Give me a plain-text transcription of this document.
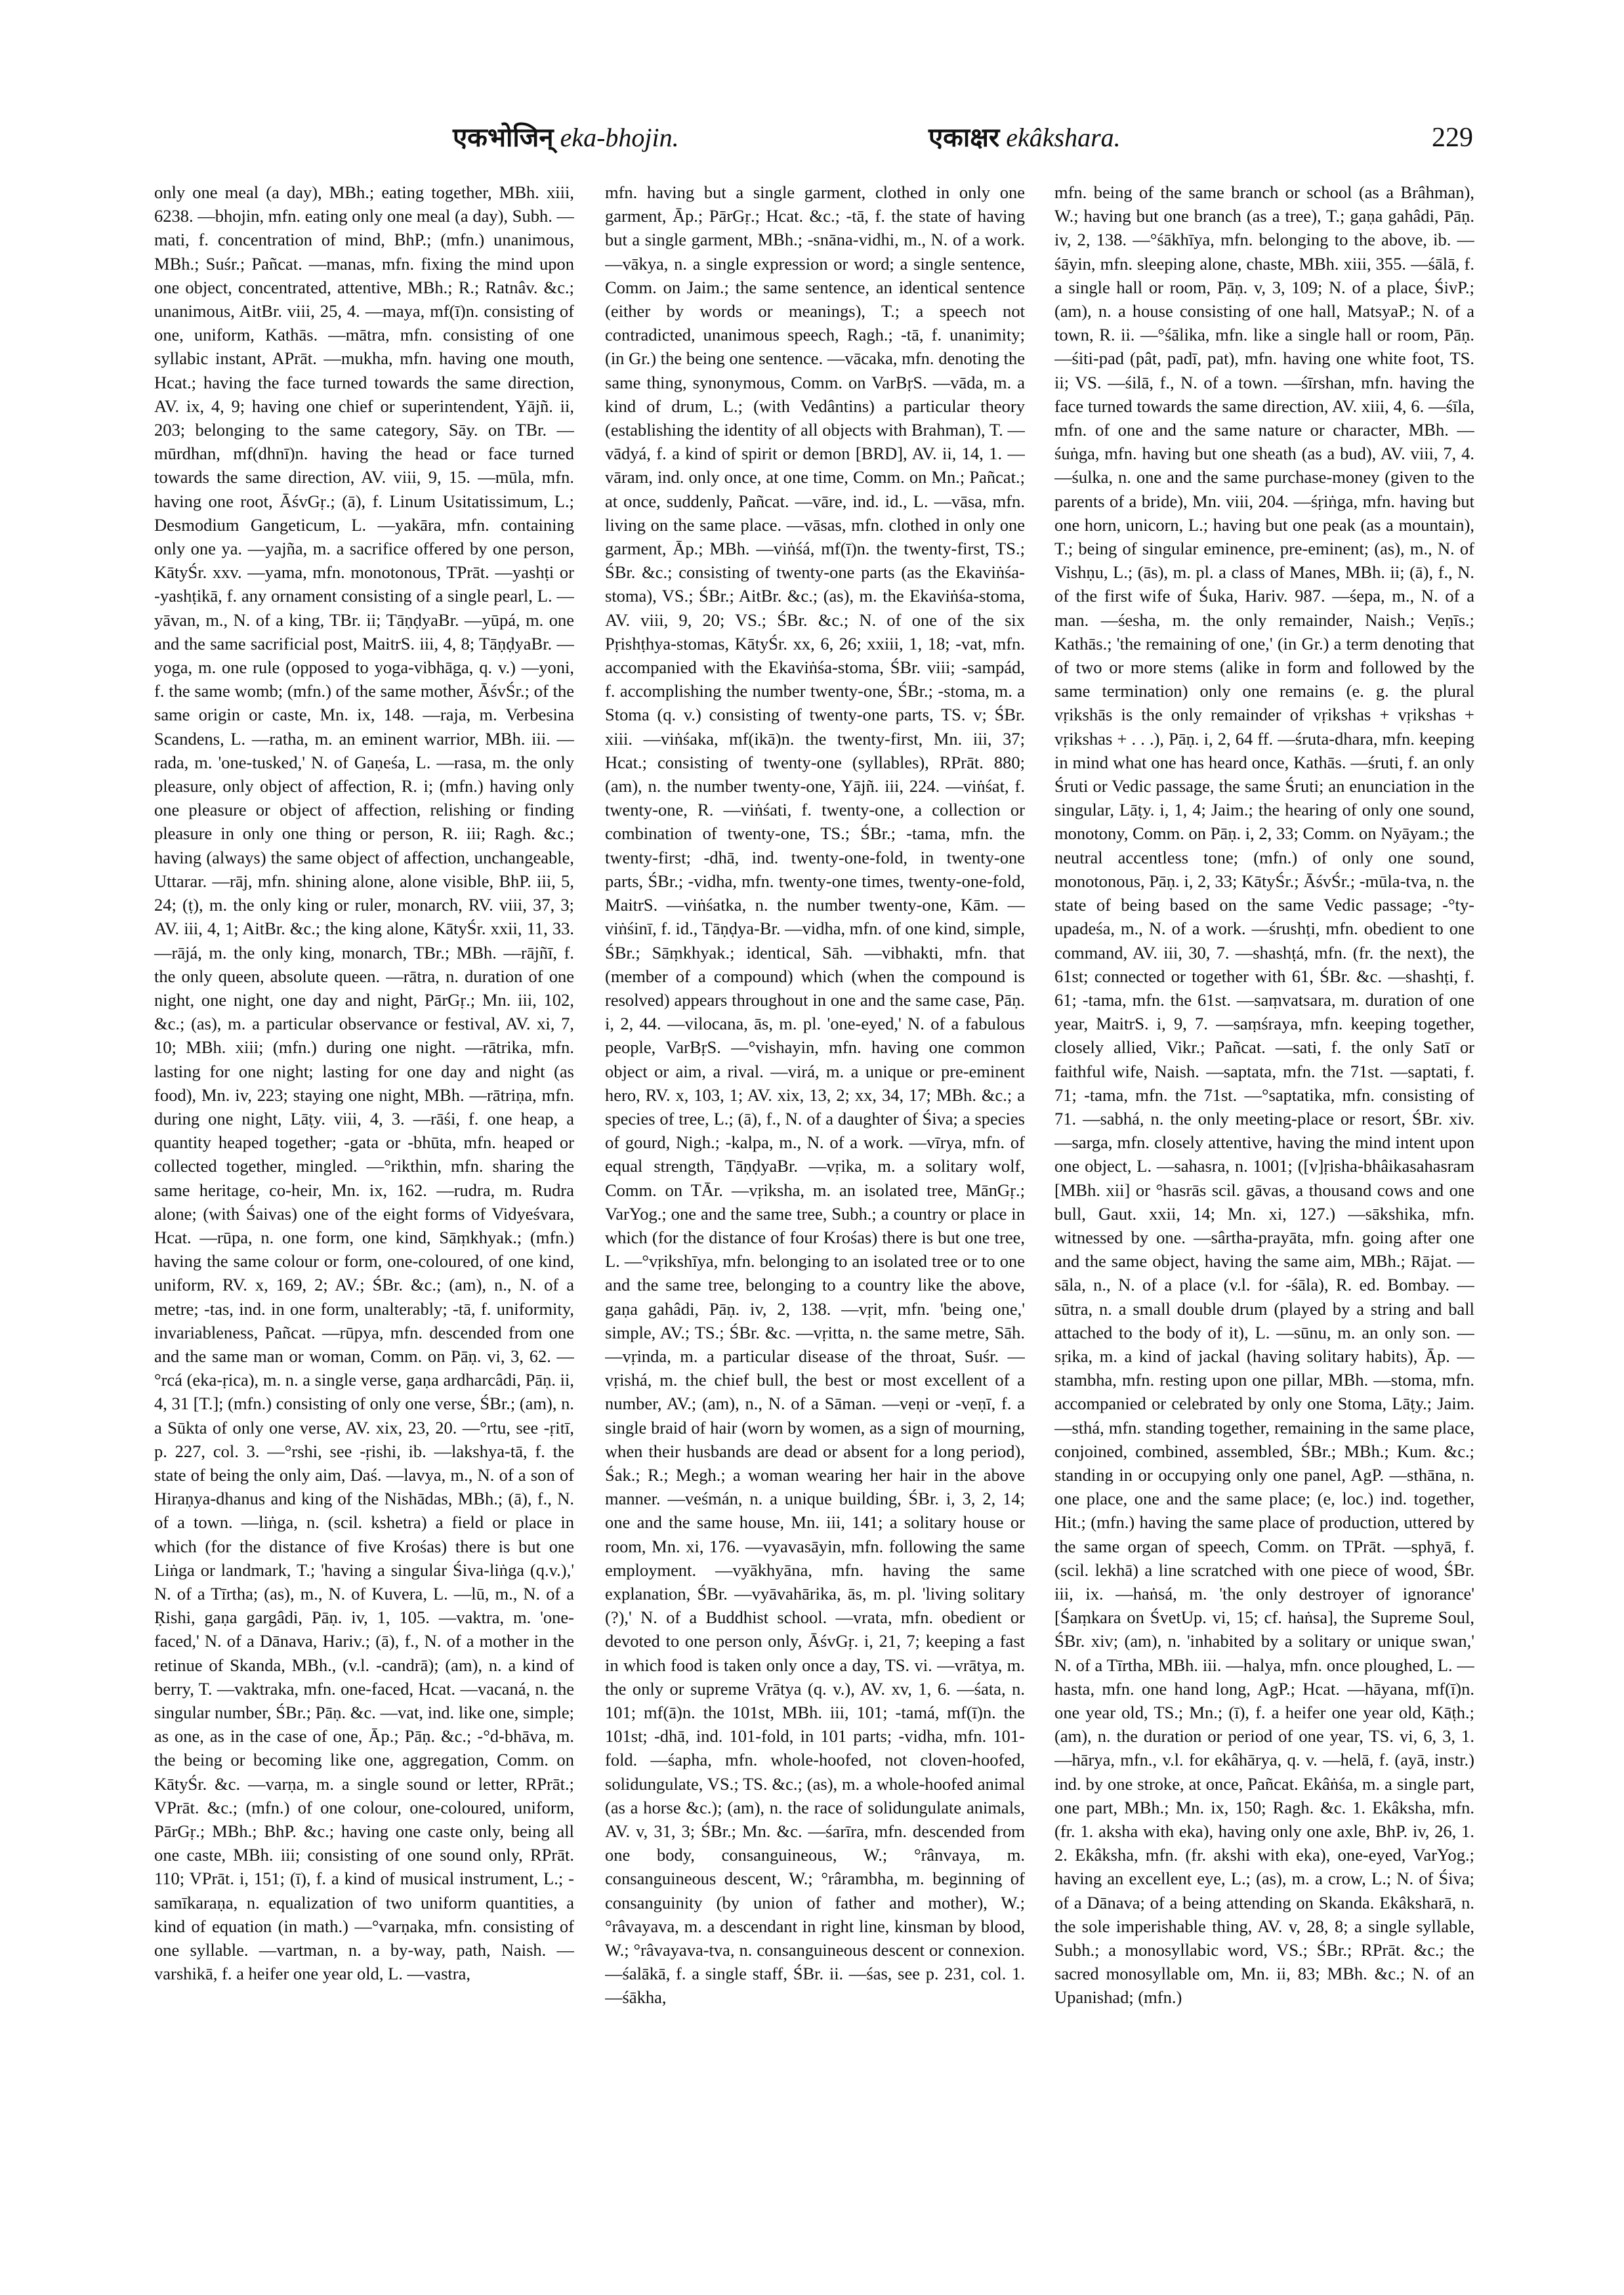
एकभोजिन् eka-bhojin.	एकाक्षर ekâkshara.	229

only one meal (a day), MBh.; eating together, MBh. xiii, 6238. —bhojin, mfn. eating only one meal (a day), Subh. —mati, f. concentration of mind, BhP.; (mfn.) unanimous, MBh.; Suśr.; Pañcat. —manas, mfn. fixing the mind upon one object, concentrated, attentive, MBh.; R.; Ratnâv. &c.; unanimous, AitBr. viii, 25, 4. —maya, mf(ī)n. consisting of one, uniform, Kathās. —mātra, mfn. consisting of one syllabic instant, APrāt. —mukha, mfn. having one mouth, Hcat.; having the face turned towards the same direction, AV. ix, 4, 9; having one chief or superintendent, Yājñ. ii, 203; belonging to the same category, Sāy. on TBr. —mūrdhan, mf(dhnī)n. having the head or face turned towards the same direction, AV. viii, 9, 15. —mūla, mfn. having one root, ĀśvGṛ.; (ā), f. Linum Usitatissimum, L.; Desmodium Gangeticum, L. —yakāra, mfn. containing only one ya. —yajña, m. a sacrifice offered by one person, KātyŚr. xxv. —yama, mfn. monotonous, TPrāt. —yashṭi or -yashṭikā, f. any ornament consisting of a single pearl, L. —yāvan, m., N. of a king, TBr. ii; TāṇḍyaBr. —yūpá, m. one and the same sacrificial post, MaitrS. iii, 4, 8; TāṇḍyaBr. —yoga, m. one rule (opposed to yoga-vibhāga, q. v.) —yoni, f. the same womb; (mfn.) of the same mother, ĀśvŚr.; of the same origin or caste, Mn. ix, 148. —raja, m. Verbesina Scandens, L. —ratha, m. an eminent warrior, MBh. iii. —rada, m. 'one-tusked,' N. of Gaṇeśa, L. —rasa, m. the only pleasure, only object of affection, R. i; (mfn.) having only one pleasure or object of affection, relishing or finding pleasure in only one thing or person, R. iii; Ragh. &c.; having (always) the same object of affection, unchangeable, Uttarar. —rāj, mfn. shining alone, alone visible, BhP. iii, 5, 24; (ṭ), m. the only king or ruler, monarch, RV. viii, 37, 3; AV. iii, 4, 1; AitBr. &c.; the king alone, KātyŚr. xxii, 11, 33. —rājá, m. the only king, monarch, TBr.; MBh. —rājñī, f. the only queen, absolute queen. —rātra, n. duration of one night, one night, one day and night, PārGṛ.; Mn. iii, 102, &c.; (as), m. a particular observance or festival, AV. xi, 7, 10; MBh. xiii; (mfn.) during one night. —rātrika, mfn. lasting for one night; lasting for one day and night (as food), Mn. iv, 223; staying one night, MBh. —rātriṇa, mfn. during one night, Lāṭy. viii, 4, 3. —rāśi, f. one heap, a quantity heaped together; -gata or -bhūta, mfn. heaped or collected together, mingled. —°rikthin, mfn. sharing the same heritage, co-heir, Mn. ix, 162. —rudra, m. Rudra alone; (with Śaivas) one of the eight forms of Vidyeśvara, Hcat. —rūpa, n. one form, one kind, Sāṃkhyak.; (mfn.) having the same colour or form, one-coloured, of one kind, uniform, RV. x, 169, 2; AV.; ŚBr. &c.; (am), n., N. of a metre; -tas, ind. in one form, unalterably; -tā, f. uniformity, invariableness, Pañcat. —rūpya, mfn. descended from one and the same man or woman, Comm. on Pāṇ. vi, 3, 62. —°rcá (eka-ṛica), m. n. a single verse, gaṇa ardharcâdi, Pāṇ. ii, 4, 31 [T.]; (mfn.) consisting of only one verse, ŚBr.; (am), n. a Sūkta of only one verse, AV. xix, 23, 20. —°rtu, see -ṛitī, p. 227, col. 3. —°rshi, see -ṛishi, ib. —lakshya-tā, f. the state of being the only aim, Daś. —lavya, m., N. of a son of Hiraṇya-dhanus and king of the Nishādas, MBh.; (ā), f., N. of a town. —liṅga, n. (scil. kshetra) a field or place in which (for the distance of five Krośas) there is but one Liṅga or landmark, T.; 'having a singular Śiva-liṅga (q.v.),' N. of a Tīrtha; (as), m., N. of Kuvera, L. —lū, m., N. of a Ṛishi, gaṇa gargâdi, Pāṇ. iv, 1, 105. —vaktra, m. 'one-faced,' N. of a Dānava, Hariv.; (ā), f., N. of a mother in the retinue of Skanda, MBh., (v.l. -candrā); (am), n. a kind of berry, T. —vaktraka, mfn. one-faced, Hcat. —vacaná, n. the singular number, ŚBr.; Pāṇ. &c. —vat, ind. like one, simple; as one, as in the case of one, Āp.; Pāṇ. &c.; -°d-bhāva, m. the being or becoming like one, aggregation, Comm. on KātyŚr. &c. —varṇa, m. a single sound or letter, RPrāt.; VPrāt. &c.; (mfn.) of one colour, one-coloured, uniform, PārGṛ.; MBh.; BhP. &c.; having one caste only, being all one caste, MBh. iii; consisting of one sound only, RPrāt. 110; VPrāt. i, 151; (ī), f. a kind of musical instrument, L.; -samīkaraṇa, n. equalization of two uniform quantities, a kind of equation (in math.) —°varṇaka, mfn. consisting of one syllable. —vartman, n. a by-way, path, Naish. —varshikā, f. a heifer one year old, L. —vastra,

mfn. having but a single garment, clothed in only one garment, Āp.; PārGṛ.; Hcat. &c.; -tā, f. the state of having but a single garment, MBh.; -snāna-vidhi, m., N. of a work. —vākya, n. a single expression or word; a single sentence, Comm. on Jaim.; the same sentence, an identical sentence (either by words or meanings), T.; a speech not contradicted, unanimous speech, Ragh.; -tā, f. unanimity; (in Gr.) the being one sentence. —vācaka, mfn. denoting the same thing, synonymous, Comm. on VarBṛS. —vāda, m. a kind of drum, L.; (with Vedântins) a particular theory (establishing the identity of all objects with Brahman), T. —vādyá, f. a kind of spirit or demon [BRD], AV. ii, 14, 1. —vāram, ind. only once, at one time, Comm. on Mn.; Pañcat.; at once, suddenly, Pañcat. —vāre, ind. id., L. —vāsa, mfn. living on the same place. —vāsas, mfn. clothed in only one garment, Āp.; MBh. —viṅśá, mf(ī)n. the twenty-first, TS.; ŚBr. &c.; consisting of twenty-one parts (as the Ekaviṅśa-stoma), VS.; ŚBr.; AitBr. &c.; (as), m. the Ekaviṅśa-stoma, AV. viii, 9, 20; VS.; ŚBr. &c.; N. of one of the six Pṛishṭhya-stomas, KātyŚr. xx, 6, 26; xxiii, 1, 18; -vat, mfn. accompanied with the Ekaviṅśa-stoma, ŚBr. viii; -sampád, f. accomplishing the number twenty-one, ŚBr.; -stoma, m. a Stoma (q. v.) consisting of twenty-one parts, TS. v; ŚBr. xiii. —viṅśaka, mf(ikā)n. the twenty-first, Mn. iii, 37; Hcat.; consisting of twenty-one (syllables), RPrāt. 880; (am), n. the number twenty-one, Yājñ. iii, 224. —viṅśat, f. twenty-one, R. —viṅśati, f. twenty-one, a collection or combination of twenty-one, TS.; ŚBr.; -tama, mfn. the twenty-first; -dhā, ind. twenty-one-fold, in twenty-one parts, ŚBr.; -vidha, mfn. twenty-one times, twenty-one-fold, MaitrS. —viṅśatka, n. the number twenty-one, Kām. —viṅśinī, f. id., Tāṇḍya-Br. —vidha, mfn. of one kind, simple, ŚBr.; Sāṃkhyak.; identical, Sāh. —vibhakti, mfn. that (member of a compound) which (when the compound is resolved) appears throughout in one and the same case, Pāṇ. i, 2, 44. —vilocana, ās, m. pl. 'one-eyed,' N. of a fabulous people, VarBṛS. —°vishayin, mfn. having one common object or aim, a rival. —virá, m. a unique or pre-eminent hero, RV. x, 103, 1; AV. xix, 13, 2; xx, 34, 17; MBh. &c.; a species of tree, L.; (ā), f., N. of a daughter of Śiva; a species of gourd, Nigh.; -kalpa, m., N. of a work. —vīrya, mfn. of equal strength, TāṇḍyaBr. —vṛika, m. a solitary wolf, Comm. on TĀr. —vṛiksha, m. an isolated tree, MānGṛ.; VarYog.; one and the same tree, Subh.; a country or place in which (for the distance of four Krośas) there is but one tree, L. —°vṛikshīya, mfn. belonging to an isolated tree or to one and the same tree, belonging to a country like the above, gaṇa gahâdi, Pāṇ. iv, 2, 138. —vṛit, mfn. 'being one,' simple, AV.; TS.; ŚBr. &c. —vṛitta, n. the same metre, Sāh. —vṛinda, m. a particular disease of the throat, Suśr. —vṛishá, m. the chief bull, the best or most excellent of a number, AV.; (am), n., N. of a Sāman. —veṇi or -veṇī, f. a single braid of hair (worn by women, as a sign of mourning, when their husbands are dead or absent for a long period), Śak.; R.; Megh.; a woman wearing her hair in the above manner. —veśmán, n. a unique building, ŚBr. i, 3, 2, 14; one and the same house, Mn. iii, 141; a solitary house or room, Mn. xi, 176. —vyavasāyin, mfn. following the same employment. —vyākhyāna, mfn. having the same explanation, ŚBr. —vyāvahārika, ās, m. pl. 'living solitary (?),' N. of a Buddhist school. —vrata, mfn. obedient or devoted to one person only, ĀśvGṛ. i, 21, 7; keeping a fast in which food is taken only once a day, TS. vi. —vrātya, m. the only or supreme Vrātya (q. v.), AV. xv, 1, 6. —śata, n. 101; mf(ā)n. the 101st, MBh. iii, 101; -tamá, mf(ī)n. the 101st; -dhā, ind. 101-fold, in 101 parts; -vidha, mfn. 101-fold. —śapha, mfn. whole-hoofed, not cloven-hoofed, solidungulate, VS.; TS. &c.; (as), m. a whole-hoofed animal (as a horse &c.); (am), n. the race of solidungulate animals, AV. v, 31, 3; ŚBr.; Mn. &c. —śarīra, mfn. descended from one body, consanguineous, W.; °rânvaya, m. consanguineous descent, W.; °rârambha, m. beginning of consanguinity (by union of father and mother), W.; °râvayava, m. a descendant in right line, kinsman by blood, W.; °râvayava-tva, n. consanguineous descent or connexion. —śalākā, f. a single staff, ŚBr. ii. —śas, see p. 231, col. 1. —śākha,

mfn. being of the same branch or school (as a Brâhman), W.; having but one branch (as a tree), T.; gaṇa gahâdi, Pāṇ. iv, 2, 138. —°śākhīya, mfn. belonging to the above, ib. —śāyin, mfn. sleeping alone, chaste, MBh. xiii, 355. —śālā, f. a single hall or room, Pāṇ. v, 3, 109; N. of a place, ŚivP.; (am), n. a house consisting of one hall, MatsyaP.; N. of a town, R. ii. —°śālika, mfn. like a single hall or room, Pāṇ. —śiti-pad (pât, padī, pat), mfn. having one white foot, TS. ii; VS. —śilā, f., N. of a town. —śīrshan, mfn. having the face turned towards the same direction, AV. xiii, 4, 6. —śīla, mfn. of one and the same nature or character, MBh. —śuṅga, mfn. having but one sheath (as a bud), AV. viii, 7, 4. —śulka, n. one and the same purchase-money (given to the parents of a bride), Mn. viii, 204. —śṛiṅga, mfn. having but one horn, unicorn, L.; having but one peak (as a mountain), T.; being of singular eminence, pre-eminent; (as), m., N. of Vishṇu, L.; (ās), m. pl. a class of Manes, MBh. ii; (ā), f., N. of the first wife of Śuka, Hariv. 987. —śepa, m., N. of a man. —śesha, m. the only remainder, Naish.; Veṇīs.; Kathās.; 'the remaining of one,' (in Gr.) a term denoting that of two or more stems (alike in form and followed by the same termination) only one remains (e. g. the plural vṛikshās is the only remainder of vṛikshas + vṛikshas + vṛikshas + . . .), Pāṇ. i, 2, 64 ff. —śruta-dhara, mfn. keeping in mind what one has heard once, Kathās. —śruti, f. an only Śruti or Vedic passage, the same Śruti; an enunciation in the singular, Lāṭy. i, 1, 4; Jaim.; the hearing of only one sound, monotony, Comm. on Pāṇ. i, 2, 33; Comm. on Nyāyam.; the neutral accentless tone; (mfn.) of only one sound, monotonous, Pāṇ. i, 2, 33; KātyŚr.; ĀśvŚr.; -mūla-tva, n. the state of being based on the same Vedic passage; -°ty-upadeśa, m., N. of a work. —śrushṭi, mfn. obedient to one command, AV. iii, 30, 7. —shashṭá, mfn. (fr. the next), the 61st; connected or together with 61, ŚBr. &c. —shashṭi, f. 61; -tama, mfn. the 61st. —saṃvatsara, m. duration of one year, MaitrS. i, 9, 7. —saṃśraya, mfn. keeping together, closely allied, Vikr.; Pañcat. —sati, f. the only Satī or faithful wife, Naish. —saptata, mfn. the 71st. —saptati, f. 71; -tama, mfn. the 71st. —°saptatika, mfn. consisting of 71. —sabhá, n. the only meeting-place or resort, ŚBr. xiv. —sarga, mfn. closely attentive, having the mind intent upon one object, L. —sahasra, n. 1001; ([v]ṛisha-bhâikasahasram [MBh. xii] or °hasrās scil. gāvas, a thousand cows and one bull, Gaut. xxii, 14; Mn. xi, 127.) —sākshika, mfn. witnessed by one. —sârtha-prayāta, mfn. going after one and the same object, having the same aim, MBh.; Rājat. —sāla, n., N. of a place (v.l. for -śāla), R. ed. Bombay. —sūtra, n. a small double drum (played by a string and ball attached to the body of it), L. —sūnu, m. an only son. —sṛika, m. a kind of jackal (having solitary habits), Āp. —stambha, mfn. resting upon one pillar, MBh. —stoma, mfn. accompanied or celebrated by only one Stoma, Lāṭy.; Jaim. —sthá, mfn. standing together, remaining in the same place, conjoined, combined, assembled, ŚBr.; MBh.; Kum. &c.; standing in or occupying only one panel, AgP. —sthāna, n. one place, one and the same place; (e, loc.) ind. together, Hit.; (mfn.) having the same place of production, uttered by the same organ of speech, Comm. on TPrāt. —sphyā, f. (scil. lekhā) a line scratched with one piece of wood, ŚBr. iii, ix. —haṅsá, m. 'the only destroyer of ignorance' [Śaṃkara on ŚvetUp. vi, 15; cf. haṅsa], the Supreme Soul, ŚBr. xiv; (am), n. 'inhabited by a solitary or unique swan,' N. of a Tīrtha, MBh. iii. —halya, mfn. once ploughed, L. —hasta, mfn. one hand long, AgP.; Hcat. —hāyana, mf(ī)n. one year old, TS.; Mn.; (ī), f. a heifer one year old, Kāṭh.; (am), n. the duration or period of one year, TS. vi, 6, 3, 1. —hārya, mfn., v.l. for ekâhārya, q. v. —helā, f. (ayā, instr.) ind. by one stroke, at once, Pañcat. Ekâṅśa, m. a single part, one part, MBh.; Mn. ix, 150; Ragh. &c. 1. Ekâksha, mfn. (fr. 1. aksha with eka), having only one axle, BhP. iv, 26, 1. 2. Ekâksha, mfn. (fr. akshi with eka), one-eyed, VarYog.; having an excellent eye, L.; (as), m. a crow, L.; N. of Śiva; of a Dānava; of a being attending on Skanda. Ekâksharā, n. the sole imperishable thing, AV. v, 28, 8; a single syllable, Subh.; a monosyllabic word, VS.; ŚBr.; RPrāt. &c.; the sacred monosyllable om, Mn. ii, 83; MBh. &c.; N. of an Upanishad; (mfn.)
